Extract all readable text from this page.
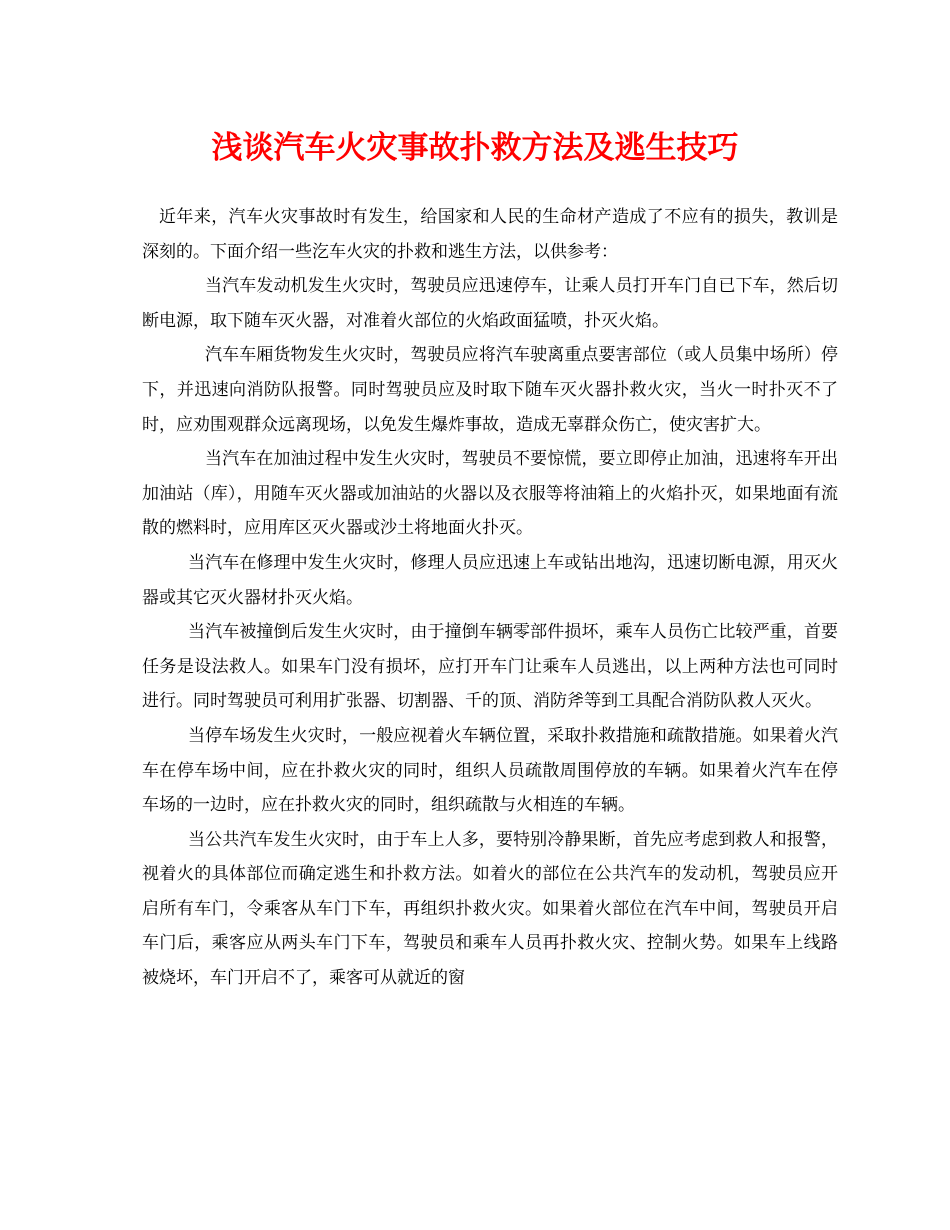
浅谈汽车火灾事故扑救方法及逃生技巧

近年来，汽车火灾事故时有发生，给国家和人民的生命材产造成了不应有的损失，教训是深刻的。下面介绍一些汔车火灾的扑救和逃生方法，以供参考：

当汽车发动机发生火灾时，驾驶员应迅速停车，让乘人员打开车门自已下车，然后切断电源，取下随车灭火器，对准着火部位的火焰政面猛喷，扑灭火焰。

汽车车厢货物发生火灾时，驾驶员应将汽车驶离重点要害部位（或人员集中场所）停下，并迅速向消防队报警。同时驾驶员应及时取下随车灭火器扑救火灾，当火一时扑灭不了时，应劝围观群众远离现场，以免发生爆炸事故，造成无辜群众伤亡，使灾害扩大。

当汽车在加油过程中发生火灾时，驾驶员不要惊慌，要立即停止加油，迅速将车开出加油站（库），用随车灭火器或加油站的火器以及衣服等将油箱上的火焰扑灭，如果地面有流散的燃料时，应用库区灭火器或沙土将地面火扑灭。

当汽车在修理中发生火灾时，修理人员应迅速上车或钻出地沟，迅速切断电源，用灭火器或其它灭火器材扑灭火焰。

当汽车被撞倒后发生火灾时，由于撞倒车辆零部件损坏，乘车人员伤亡比较严重，首要任务是设法救人。如果车门没有损坏，应打开车门让乘车人员逃出，以上两种方法也可同时进行。同时驾驶员可利用扩张器、切割器、千的顶、消防斧等到工具配合消防队救人灭火。

当停车场发生火灾时，一般应视着火车辆位置，采取扑救措施和疏散措施。如果着火汽车在停车场中间，应在扑救火灾的同时，组织人员疏散周围停放的车辆。如果着火汽车在停车场的一边时，应在扑救火灾的同时，组织疏散与火相连的车辆。

当公共汽车发生火灾时，由于车上人多，要特别冷静果断，首先应考虑到救人和报警，视着火的具体部位而确定逃生和扑救方法。如着火的部位在公共汽车的发动机，驾驶员应开启所有车门，令乘客从车门下车，再组织扑救火灾。如果着火部位在汽车中间，驾驶员开启车门后，乘客应从两头车门下车，驾驶员和乘车人员再扑救火灾、控制火势。如果车上线路被烧坏，车门开启不了，乘客可从就近的窗
